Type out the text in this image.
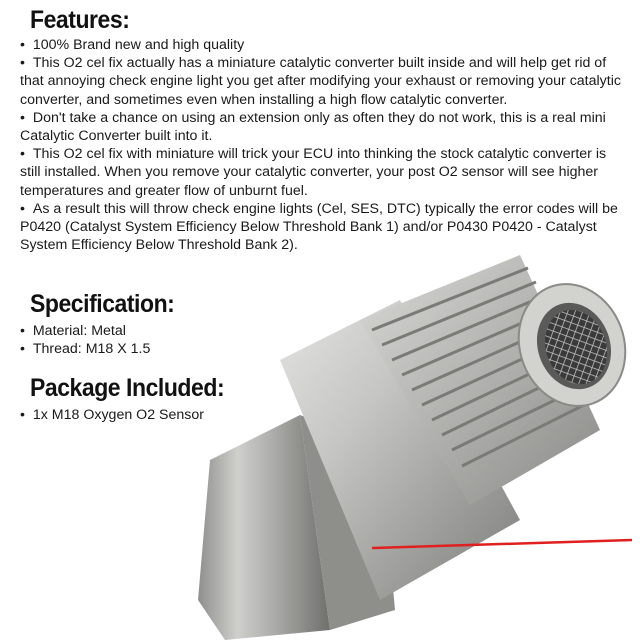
Features:

•  100% Brand new and high quality

•  This O2 cel fix actually has a miniature catalytic converter built inside and will help get rid of that annoying check engine light you get after modifying your exhaust or removing your catalytic converter, and sometimes even when installing a high flow catalytic converter.

•  Don't take a chance on using an extension only as often they do not work, this is a real mini Catalytic Converter built into it.

•  This O2 cel fix with miniature will trick your ECU into thinking the stock catalytic converter is still installed. When you remove your catalytic converter, your post O2 sensor will see higher temperatures and greater flow of unburnt fuel.

•  As a result this will throw check engine lights (Cel, SES, DTC) typically the error codes will be P0420 (Catalyst System Efficiency Below Threshold Bank 1) and/or P0430 P0420 - Catalyst System Efficiency Below Threshold Bank 2).

Specification:

•  Material: Metal

•  Thread: M18 X 1.5

Package Included:

•  1x M18 Oxygen O2 Sensor
